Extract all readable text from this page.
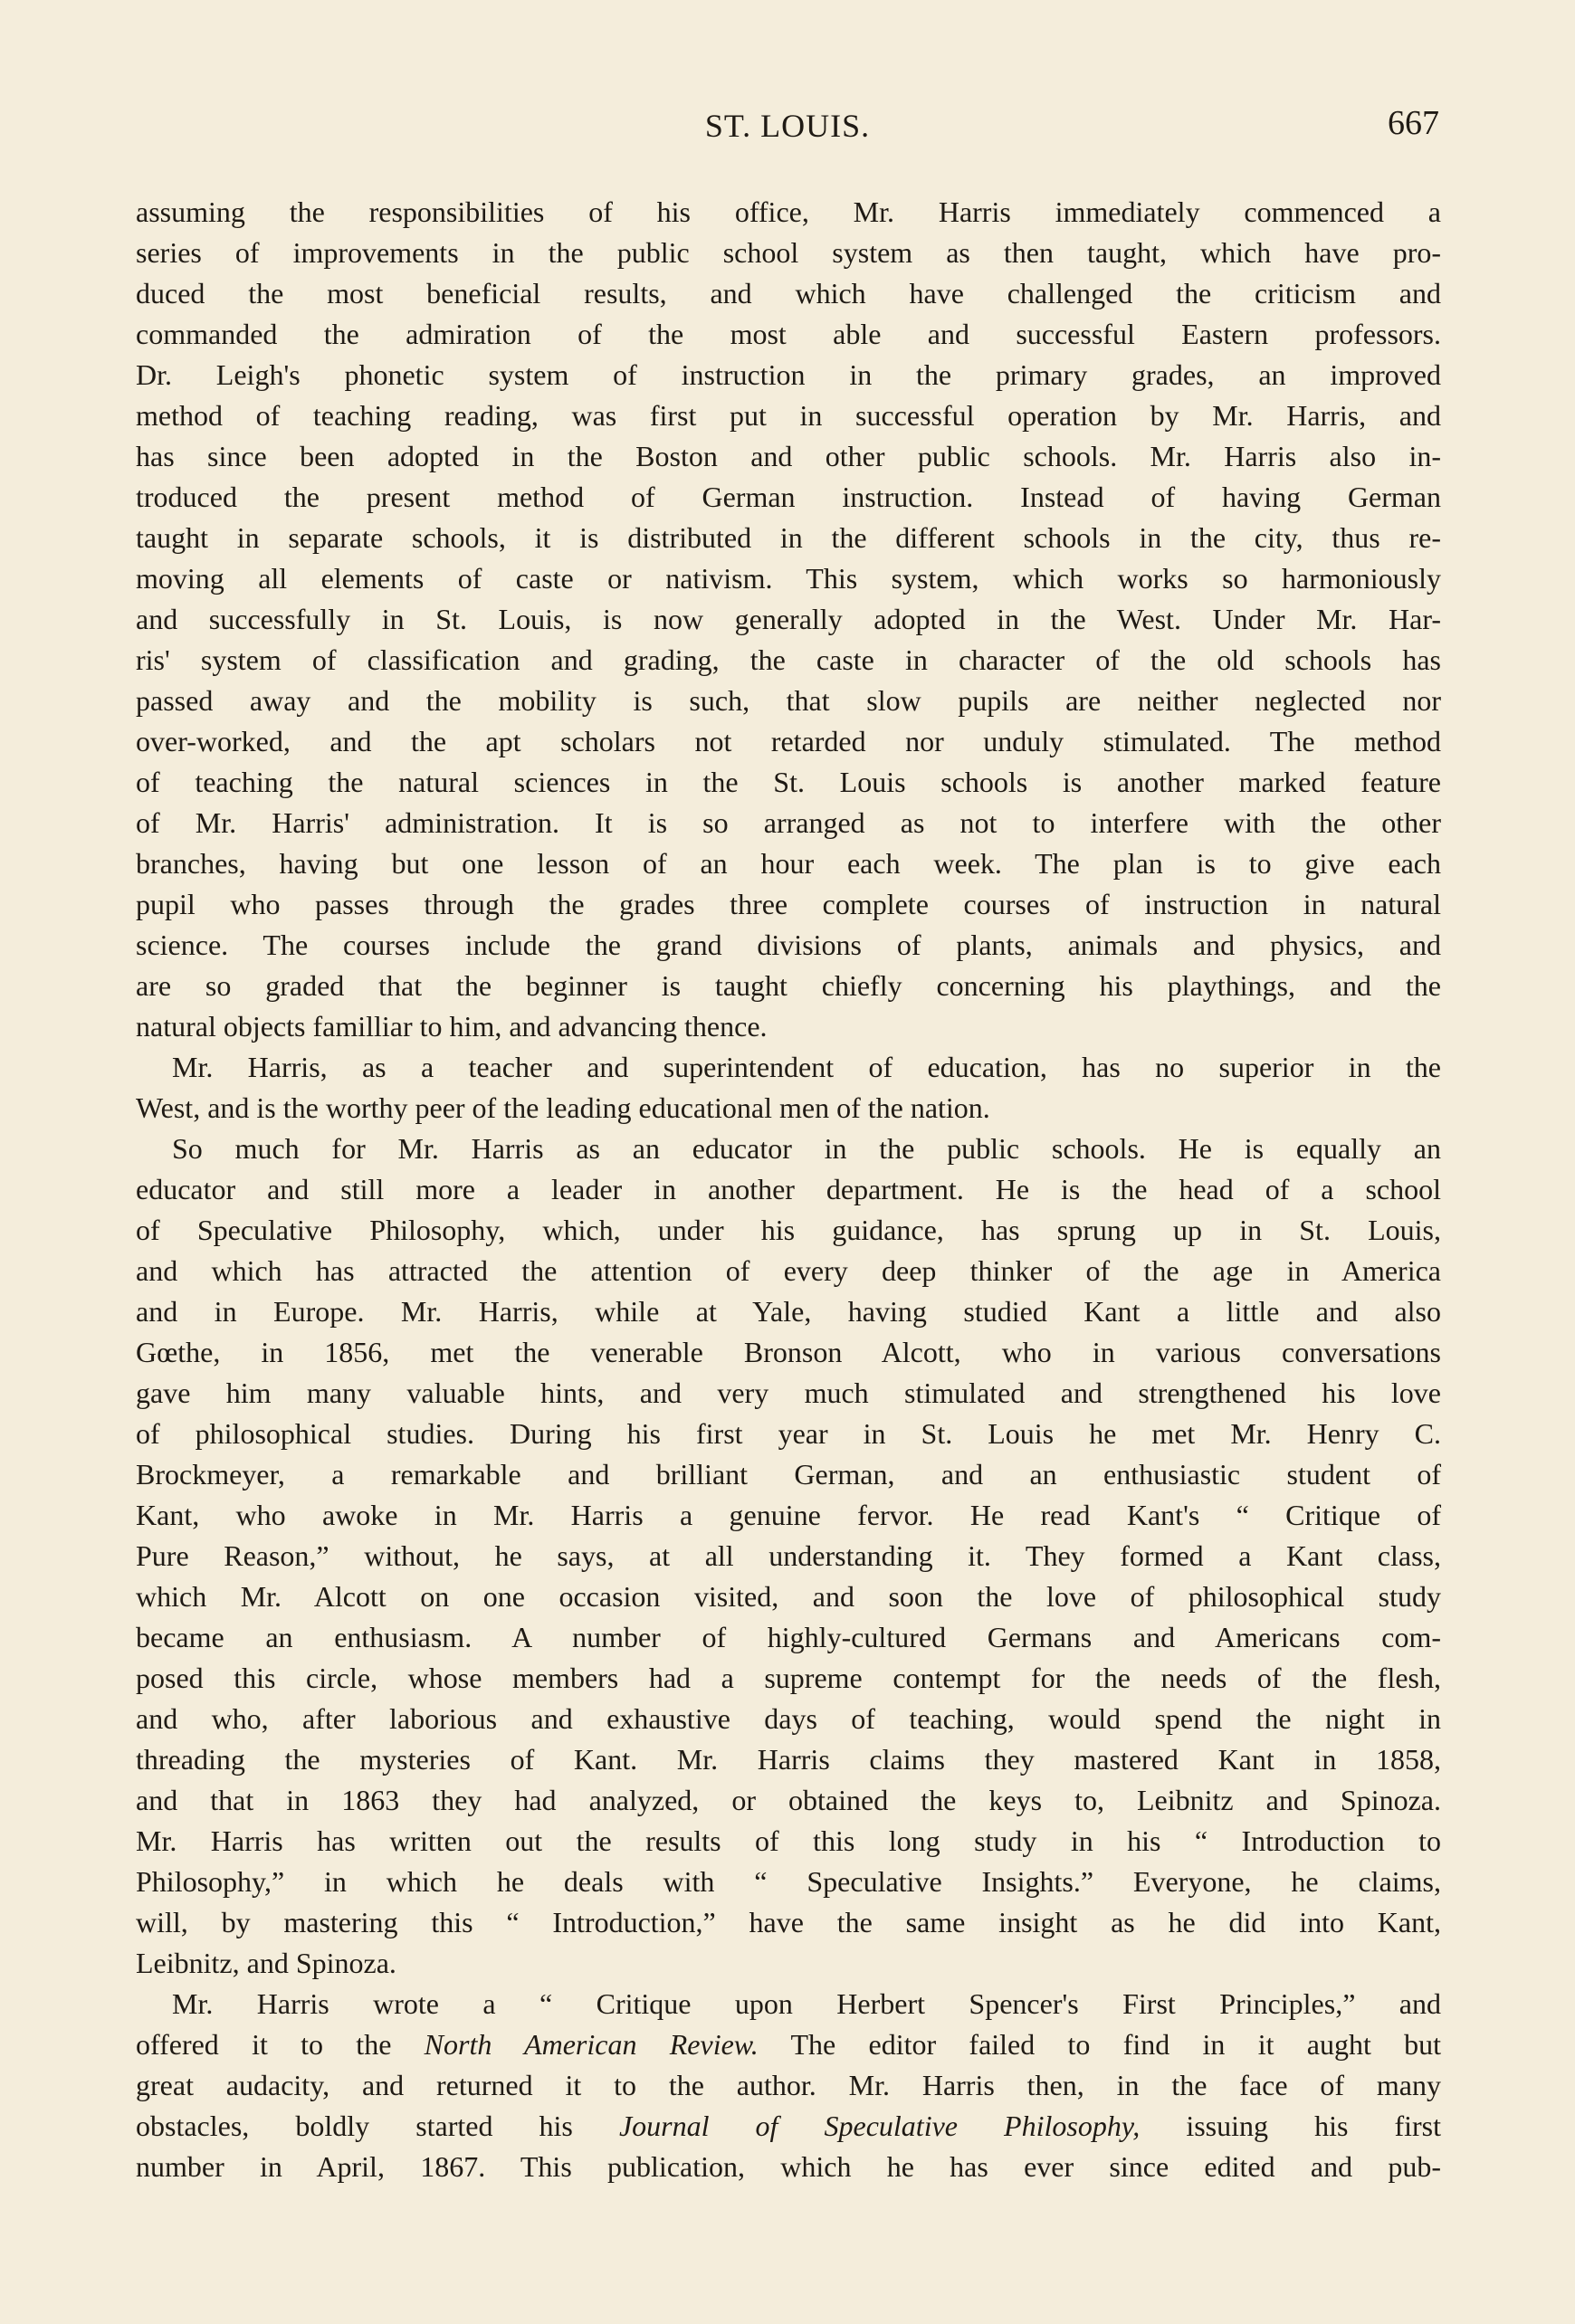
ST. LOUIS.	667
assuming the responsibilities of his office, Mr. Harris immediately commenced a
series of improvements in the public school system as then taught, which have pro-
duced the most beneficial results, and which have challenged the criticism and
commanded the admiration of the most able and successful Eastern professors.
Dr. Leigh's phonetic system of instruction in the primary grades, an improved
method of teaching reading, was first put in successful operation by Mr. Harris, and
has since been adopted in the Boston and other public schools. Mr. Harris also in-
troduced the present method of German instruction. Instead of having German
taught in separate schools, it is distributed in the different schools in the city, thus re-
moving all elements of caste or nativism. This system, which works so harmoniously
and successfully in St. Louis, is now generally adopted in the West. Under Mr. Har-
ris' system of classification and grading, the caste in character of the old schools has
passed away and the mobility is such, that slow pupils are neither neglected nor
over-worked, and the apt scholars not retarded nor unduly stimulated. The method
of teaching the natural sciences in the St. Louis schools is another marked feature
of Mr. Harris' administration. It is so arranged as not to interfere with the other
branches, having but one lesson of an hour each week. The plan is to give each
pupil who passes through the grades three complete courses of instruction in natural
science. The courses include the grand divisions of plants, animals and physics, and
are so graded that the beginner is taught chiefly concerning his playthings, and the
natural objects familliar to him, and advancing thence.
Mr. Harris, as a teacher and superintendent of education, has no superior in the
West, and is the worthy peer of the leading educational men of the nation.
So much for Mr. Harris as an educator in the public schools. He is equally an
educator and still more a leader in another department. He is the head of a school
of Speculative Philosophy, which, under his guidance, has sprung up in St. Louis,
and which has attracted the attention of every deep thinker of the age in America
and in Europe. Mr. Harris, while at Yale, having studied Kant a little and also
Gœthe, in 1856, met the venerable Bronson Alcott, who in various conversations
gave him many valuable hints, and very much stimulated and strengthened his love
of philosophical studies. During his first year in St. Louis he met Mr. Henry C.
Brockmeyer, a remarkable and brilliant German, and an enthusiastic student of
Kant, who awoke in Mr. Harris a genuine fervor. He read Kant's “ Critique of
Pure Reason,” without, he says, at all understanding it. They formed a Kant class,
which Mr. Alcott on one occasion visited, and soon the love of philosophical study
became an enthusiasm. A number of highly-cultured Germans and Americans com-
posed this circle, whose members had a supreme contempt for the needs of the flesh,
and who, after laborious and exhaustive days of teaching, would spend the night in
threading the mysteries of Kant. Mr. Harris claims they mastered Kant in 1858,
and that in 1863 they had analyzed, or obtained the keys to, Leibnitz and Spinoza.
Mr. Harris has written out the results of this long study in his “ Introduction to
Philosophy,” in which he deals with “ Speculative Insights.” Everyone, he claims,
will, by mastering this “ Introduction,” have the same insight as he did into Kant,
Leibnitz, and Spinoza.
Mr. Harris wrote a “ Critique upon Herbert Spencer's First Principles,” and
offered it to the North American Review. The editor failed to find in it aught but
great audacity, and returned it to the author. Mr. Harris then, in the face of many
obstacles, boldly started his Journal of Speculative Philosophy, issuing his first
number in April, 1867. This publication, which he has ever since edited and pub-
